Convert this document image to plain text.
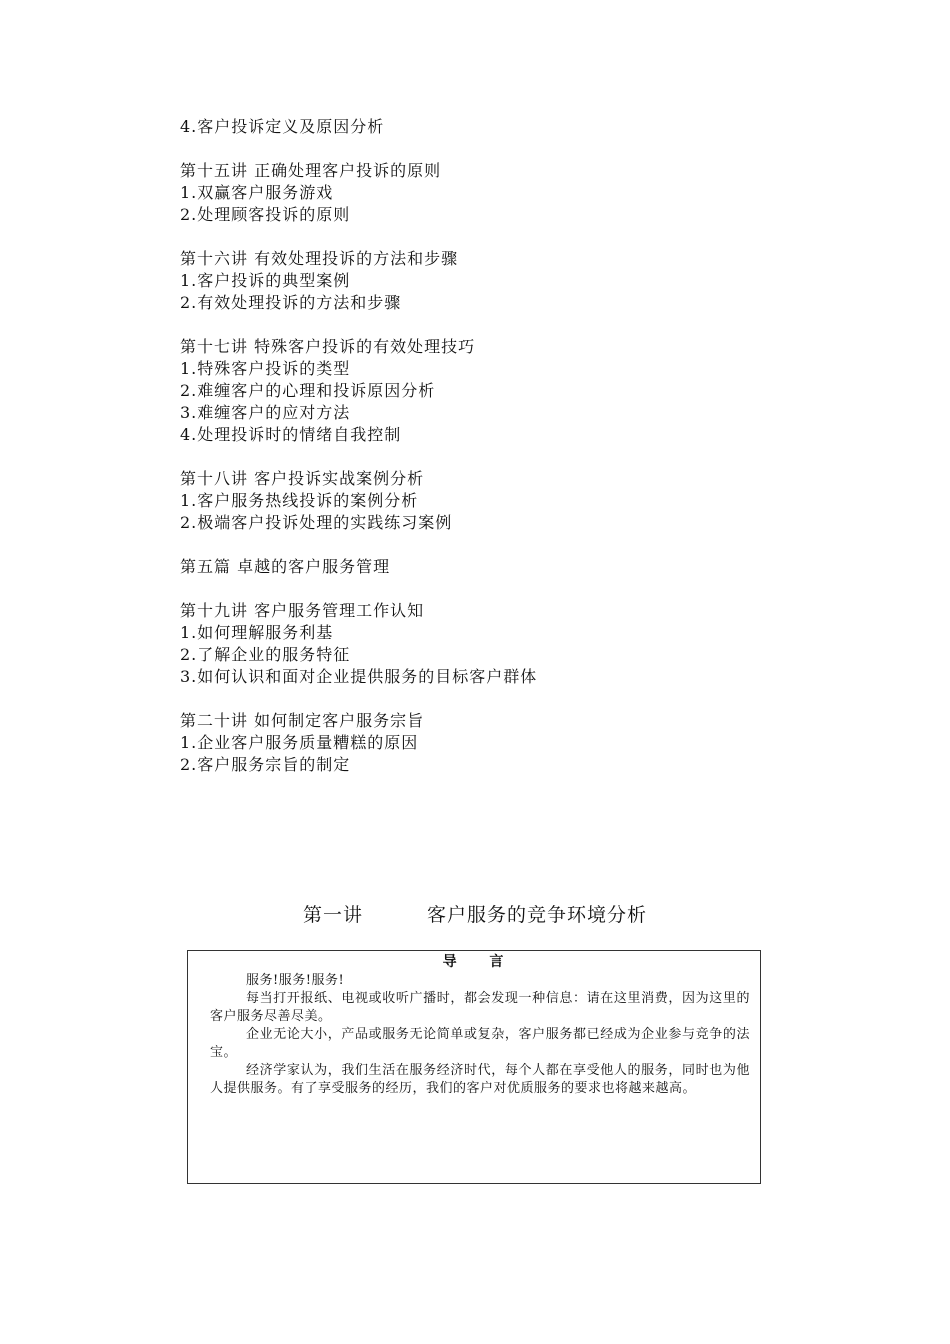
4.客户投诉定义及原因分析
第十五讲 正确处理客户投诉的原则
1.双赢客户服务游戏
2.处理顾客投诉的原则
第十六讲 有效处理投诉的方法和步骤
1.客户投诉的典型案例
2.有效处理投诉的方法和步骤
第十七讲 特殊客户投诉的有效处理技巧
1.特殊客户投诉的类型
2.难缠客户的心理和投诉原因分析
3.难缠客户的应对方法
4.处理投诉时的情绪自我控制
第十八讲 客户投诉实战案例分析
1.客户服务热线投诉的案例分析
2.极端客户投诉处理的实践练习案例
第五篇 卓越的客户服务管理
第十九讲 客户服务管理工作认知
1.如何理解服务利基
2.了解企业的服务特征
3.如何认识和面对企业提供服务的目标客户群体
第二十讲 如何制定客户服务宗旨
1.企业客户服务质量糟糕的原因
2.客户服务宗旨的制定
第一讲	客户服务的竞争环境分析
导 言

服务!服务!服务!

每当打开报纸、电视或收听广播时，都会发现一种信息：请在这里消费，因为这里的客户服务尽善尽美。

企业无论大小，产品或服务无论简单或复杂，客户服务都已经成为企业参与竞争的法宝。

经济学家认为，我们生活在服务经济时代，每个人都在享受他人的服务，同时也为他人提供服务。有了享受服务的经历，我们的客户对优质服务的要求也将越来越高。
